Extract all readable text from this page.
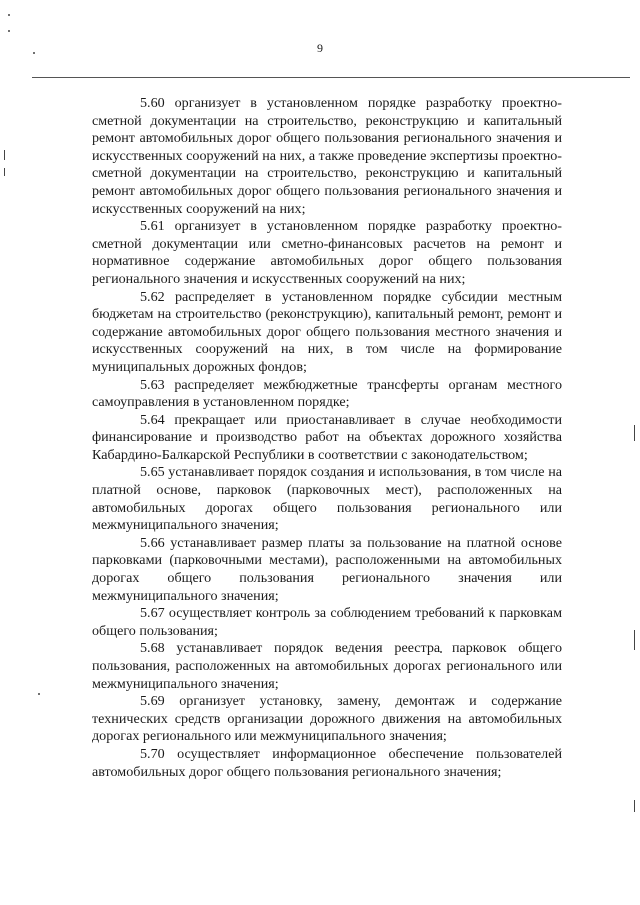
9

5.60 организует в установленном порядке разработку проектно-сметной документации на строительство, реконструкцию и капитальный ремонт автомобильных дорог общего пользования регионального значения и искусственных сооружений на них, а также проведение экспертизы проектно-сметной документации на строительство, реконструкцию и капитальный ремонт автомобильных дорог общего пользования регионального значения и искусственных сооружений на них;

5.61 организует в установленном порядке разработку проектно-сметной документации или сметно-финансовых расчетов на ремонт и нормативное содержание автомобильных дорог общего пользования регионального значения и искусственных сооружений на них;

5.62 распределяет в установленном порядке субсидии местным бюджетам на строительство (реконструкцию), капитальный ремонт, ремонт и содержание автомобильных дорог общего пользования местного значения и искусственных сооружений на них, в том числе на формирование муниципальных дорожных фондов;

5.63 распределяет межбюджетные трансферты органам местного самоуправления в установленном порядке;

5.64 прекращает или приостанавливает в случае необходимости финансирование и производство работ на объектах дорожного хозяйства Кабардино-Балкарской Республики в соответствии с законодательством;

5.65 устанавливает порядок создания и использования, в том числе на платной основе, парковок (парковочных мест), расположенных на автомобильных дорогах общего пользования регионального или межмуниципального значения;

5.66 устанавливает размер платы за пользование на платной основе парковками (парковочными местами), расположенными на автомобильных дорогах общего пользования регионального значения или межмуниципального значения;

5.67 осуществляет контроль за соблюдением требований к парковкам общего пользования;

5.68 устанавливает порядок ведения реестра парковок общего пользования, расположенных на автомобильных дорогах регионального или межмуниципального значения;

5.69 организует установку, замену, демонтаж и содержание технических средств организации дорожного движения на автомобильных дорогах регионального или межмуниципального значения;

5.70 осуществляет информационное обеспечение пользователей автомобильных дорог общего пользования регионального значения;
